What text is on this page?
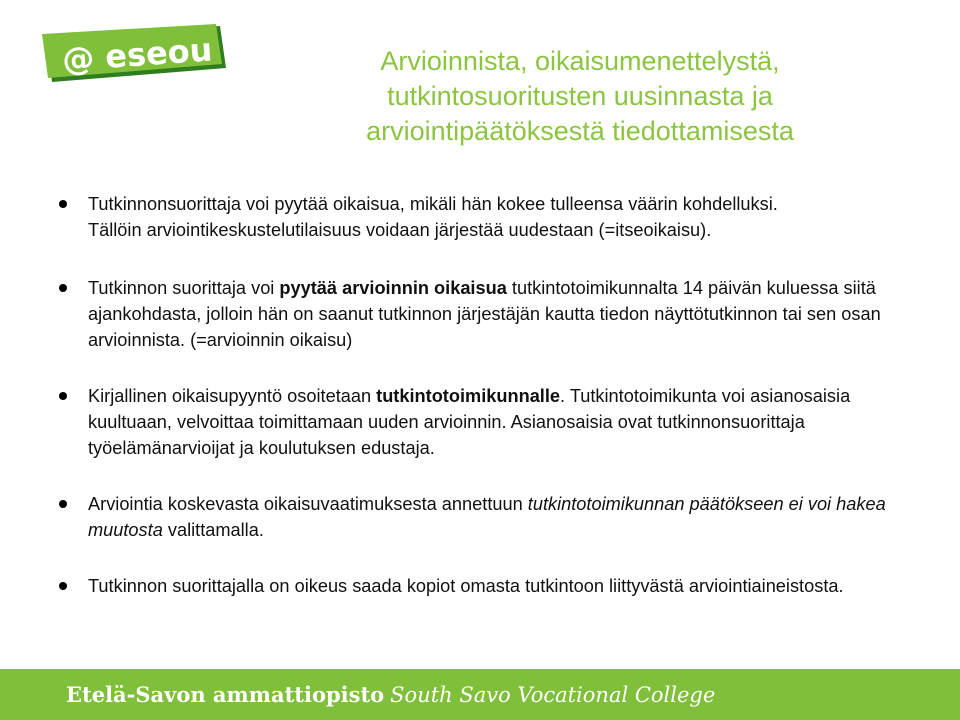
@ eseou	Arvioinnista, oikaisumenettelystä,
tutkintosuoritusten uusinnasta ja
arviointipäätöksestä tiedottamisesta
Tutkinnonsuorittaja voi pyytää oikaisua, mikäli hän kokee tulleensa väärin kohdelluksi.
Tällöin arviointikeskustelutilaisuus voidaan järjestää uudestaan (=itseoikaisu).
Tutkinnon suorittaja voi pyytää arvioinnin oikaisua tutkintotoimikunnalta 14 päivän kuluessa siitä ajankohdasta, jolloin hän on saanut tutkinnon järjestäjän kautta tiedon näyttötutkinnon tai sen osan arvioinnista. (=arvioinnin oikaisu)
Kirjallinen oikaisupyyntö osoitetaan tutkintotoimikunnalle. Tutkintotoimikunta voi asianosaisia kuultuaan, velvoittaa toimittamaan uuden arvioinnin. Asianosaisia ovat tutkinnonsuorittaja työelämänarvioijat ja koulutuksen edustaja.
Arviointia koskevasta oikaisuvaatimuksesta annettuun tutkintotoimikunnan päätökseen ei voi hakea muutosta valittamalla.
Tutkinnon suorittajalla on oikeus saada kopiot omasta tutkintoon liittyvästä arviointiaineistosta.
Etelä-Savon ammattiopisto South Savo Vocational College
